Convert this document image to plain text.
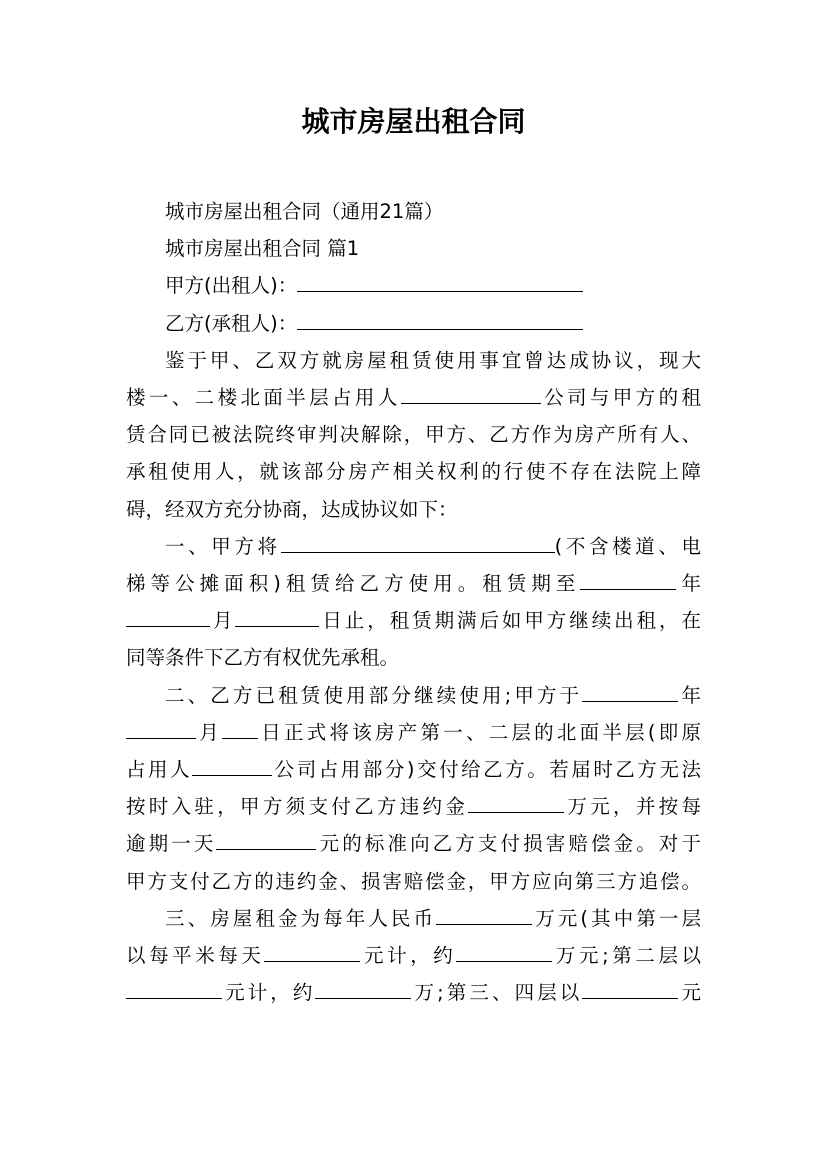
城市房屋出租合同

城市房屋出租合同（通用21篇）

城市房屋出租合同 篇1

甲方(出租人)：

乙方(承租人)：

鉴于甲、乙双方就房屋租赁使用事宜曾达成协议，现大
楼一、二楼北面半层占用人	公司与甲方的租
赁合同已被法院终审判决解除，甲方、乙方作为房产所有人、
承租使用人，就该部分房产相关权利的行使不存在法院上障
碍，经双方充分协商，达成协议如下：
一、甲方将	(不含楼道、电
梯等公摊面积)租赁给乙方使用。租赁期至	年
月	日止，租赁期满后如甲方继续出租，在
同等条件下乙方有权优先承租。
二、乙方已租赁使用部分继续使用;甲方于	年
月 日正式将该房产第一、二层的北面半层(即原
占用人	公司占用部分)交付给乙方。若届时乙方无法
按时入驻，甲方须支付乙方违约金	万元，并按每
逾期一天	元的标准向乙方支付损害赔偿金。对于
甲方支付乙方的违约金、损害赔偿金，甲方应向第三方追偿。
三、房屋租金为每年人民币	万元(其中第一层
以每平米每天	元计，约	万元;第二层以
元计，约	万;第三、四层以	元
